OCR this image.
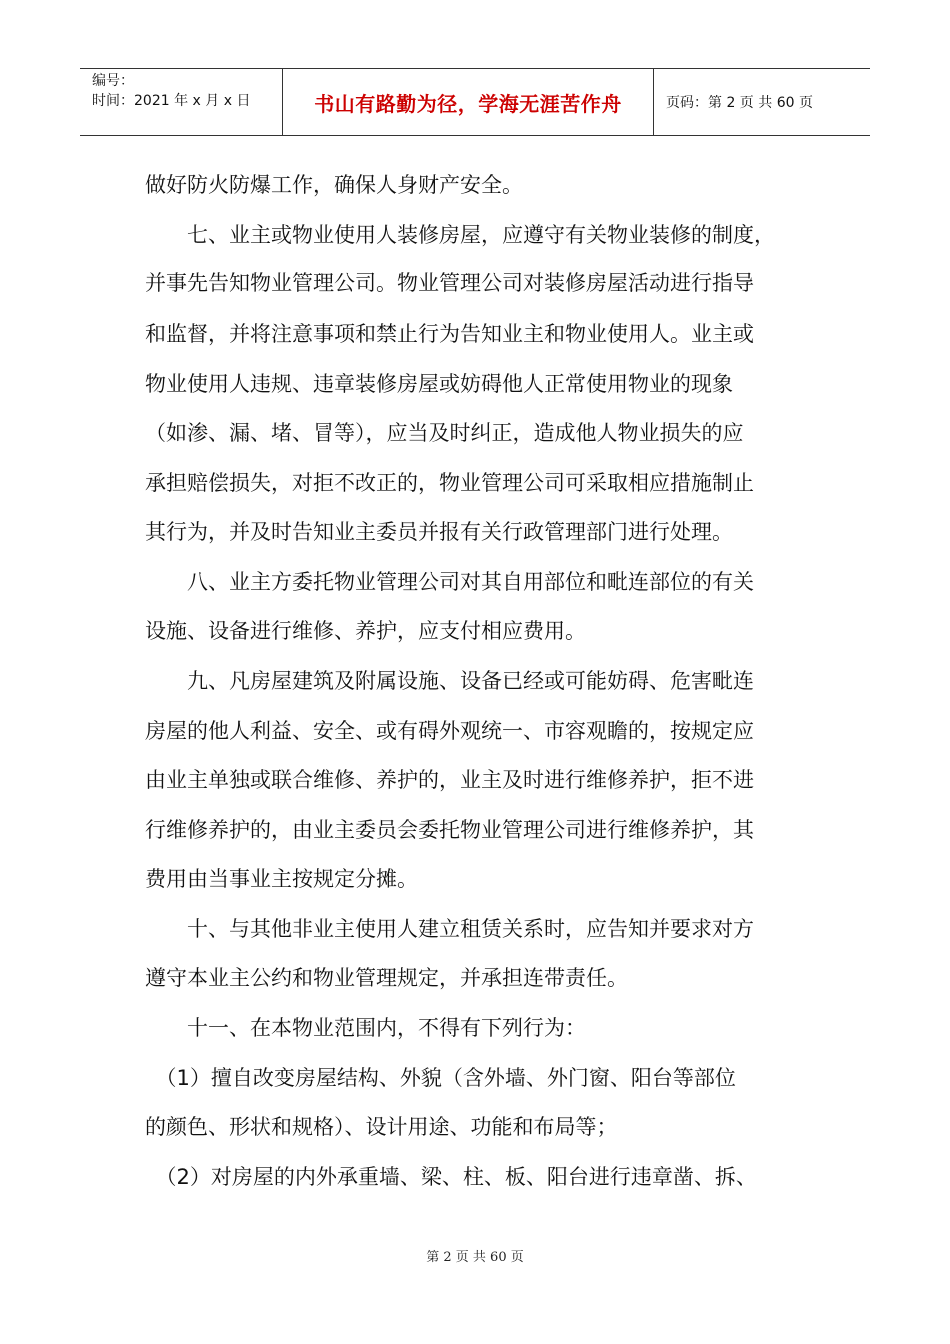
编号：
时间：2021 年 x 月 x 日	书山有路勤为径，学海无涯苦作舟	页码：第 2 页 共 60 页
做好防火防爆工作，确保人身财产安全。
　　七、业主或物业使用人装修房屋，应遵守有关物业装修的制度，
并事先告知物业管理公司。物业管理公司对装修房屋活动进行指导
和监督，并将注意事项和禁止行为告知业主和物业使用人。业主或
物业使用人违规、违章装修房屋或妨碍他人正常使用物业的现象
（如渗、漏、堵、冒等），应当及时纠正，造成他人物业损失的应
承担赔偿损失，对拒不改正的，物业管理公司可采取相应措施制止
其行为，并及时告知业主委员并报有关行政管理部门进行处理。
　　八、业主方委托物业管理公司对其自用部位和毗连部位的有关
设施、设备进行维修、养护，应支付相应费用。
　　九、凡房屋建筑及附属设施、设备已经或可能妨碍、危害毗连
房屋的他人利益、安全、或有碍外观统一、市容观瞻的，按规定应
由业主单独或联合维修、养护的，业主及时进行维修养护，拒不进
行维修养护的，由业主委员会委托物业管理公司进行维修养护，其
费用由当事业主按规定分摊。
　　十、与其他非业主使用人建立租赁关系时，应告知并要求对方
遵守本业主公约和物业管理规定，并承担连带责任。
　　十一、在本物业范围内，不得有下列行为：
　（1）擅自改变房屋结构、外貌（含外墙、外门窗、阳台等部位
的颜色、形状和规格）、设计用途、功能和布局等；
　（2）对房屋的内外承重墙、梁、柱、板、阳台进行违章凿、拆、
第 2 页 共 60 页
